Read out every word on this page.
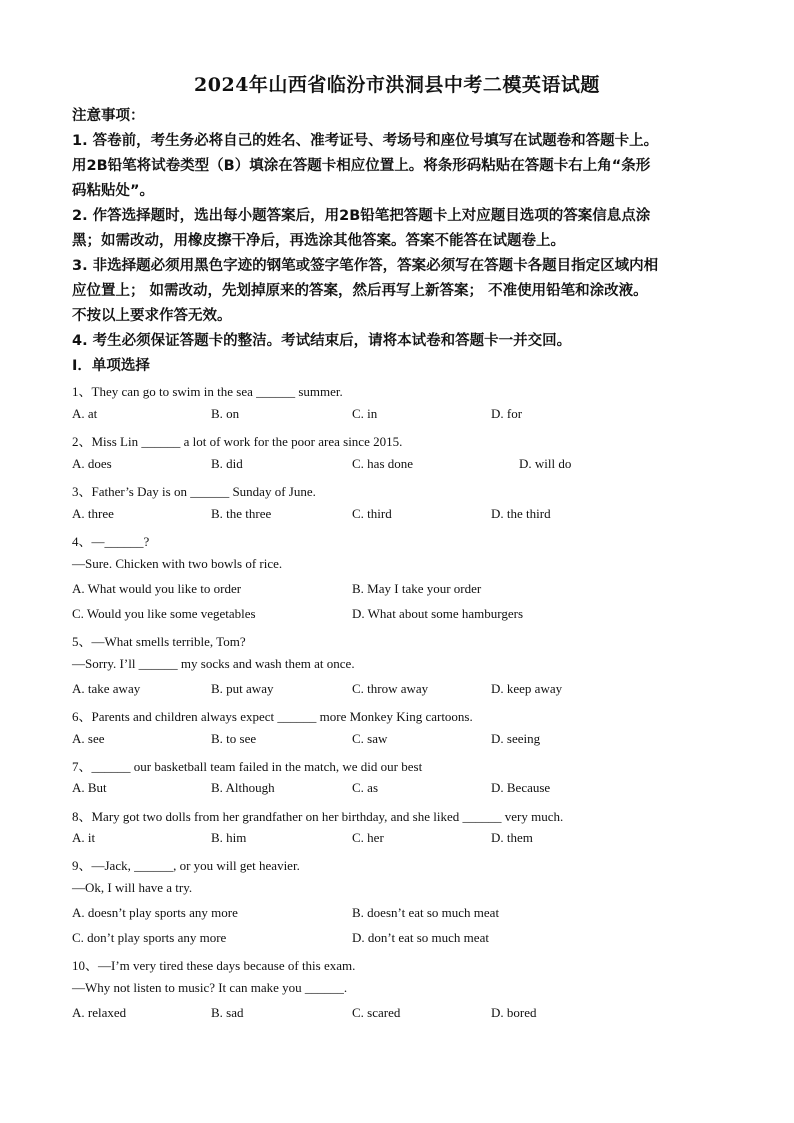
2024年山西省临汾市洪洞县中考二模英语试题
注意事项：
1. 答卷前，考生务必将自己的姓名、准考证号、考场号和座位号填写在试题卷和答题卡上。
用2B铅笔将试卷类型（B）填涂在答题卡相应位置上。将条形码粘贴在答题卡右上角“条形
码粘贴处”。
2. 作答选择题时，选出每小题答案后，用2B铅笔把答题卡上对应题目选项的答案信息点涂
黑；如需改动，用橡皮擦干净后，再选涂其他答案。答案不能答在试题卷上。
3. 非选择题必须用黑色字迹的钢笔或签字笔作答，答案必须写在答题卡各题目指定区域内相
应位置上； 如需改动，先划掉原来的答案，然后再写上新答案； 不准使用铅笔和涂改液。
不按以上要求作答无效。
4. 考生必须保证答题卡的整洁。考试结束后，请将本试卷和答题卡一并交回。
Ⅰ．单项选择
1、They can go to swim in the sea ______ summer.
A. at	B. on	C. in	D. for
2、Miss Lin ______ a lot of work for the poor area since 2015.
A. does	B. did	C. has done	D. will do
3、Father’s Day is on ______ Sunday of June.
A. three	B. the three	C. third	D. the third
4、—______?
—Sure. Chicken with two bowls of rice.
A. What would you like to order	B. May I take your order
C. Would you like some vegetables	D. What about some hamburgers
5、—What smells terrible, Tom?
—Sorry. I’ll ______ my socks and wash them at once.
A. take away	B. put away	C. throw away	D. keep away
6、Parents and children always expect ______ more Monkey King cartoons.
A. see	B. to see	C. saw	D. seeing
7、______ our basketball team failed in the match, we did our best
A. But	B. Although	C. as	D. Because
8、Mary got two dolls from her grandfather on her birthday, and she liked ______ very much.
A. it	B. him	C. her	D. them
9、—Jack, ______, or you will get heavier.
—Ok, I will have a try.
A. doesn’t play sports any more	B. doesn’t eat so much meat
C. don’t play sports any more	D. don’t eat so much meat
10、—I’m very tired these days because of this exam.
—Why not listen to music? It can make you ______.
A. relaxed	B. sad	C. scared	D. bored
